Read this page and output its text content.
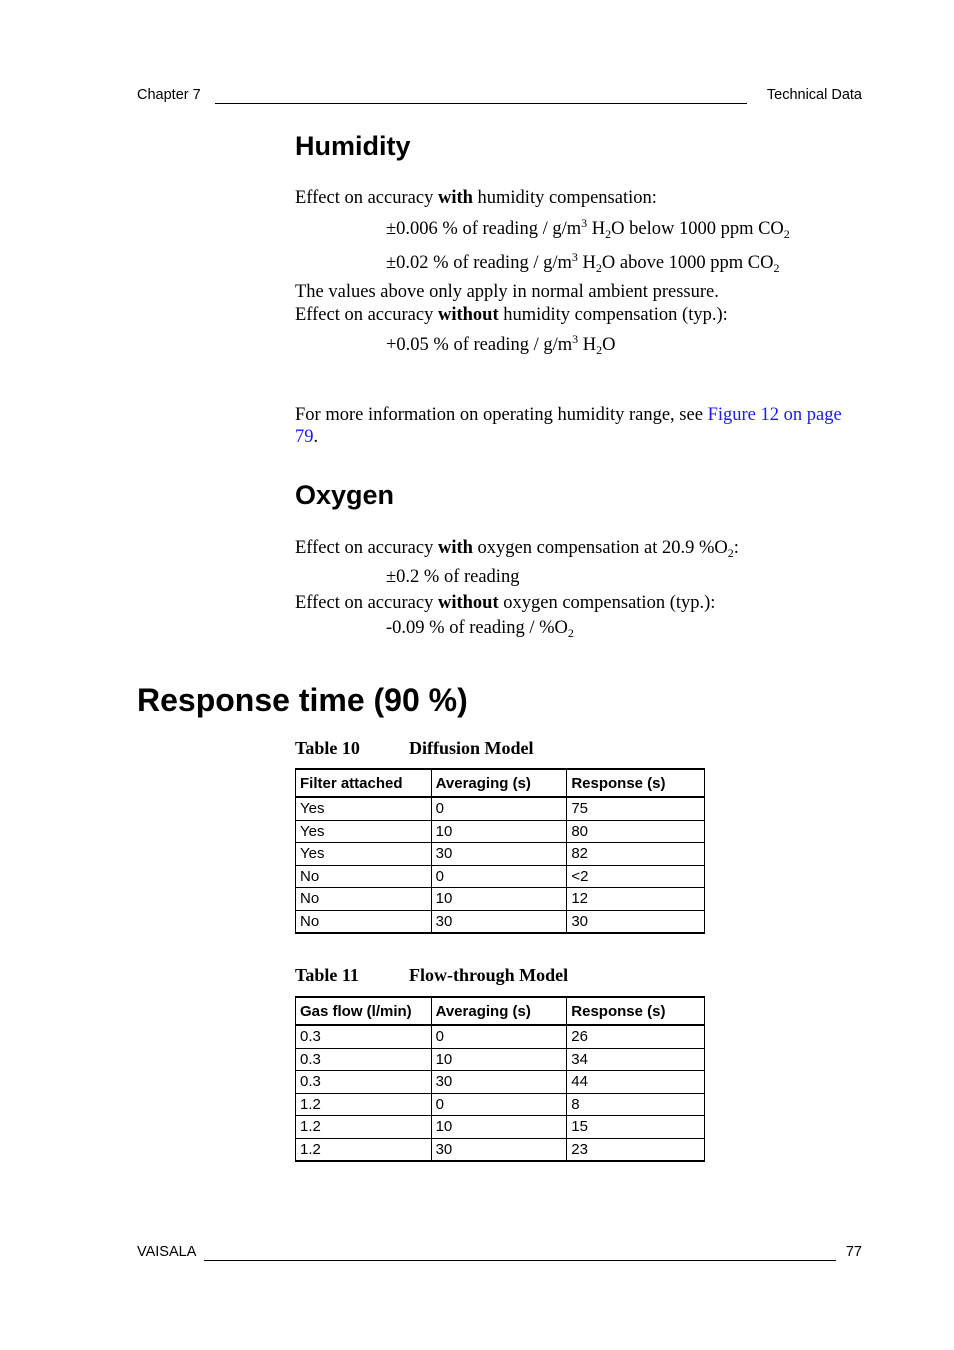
Chapter 7	Technical Data
Humidity
Effect on accuracy with humidity compensation:
±0.006 % of reading / $g/m^3$ $H_2O$ below 1000 ppm $CO_2$
±0.02 % of reading / $g/m^3$ $H_2O$ above 1000 ppm $CO_2$
The values above only apply in normal ambient pressure.
Effect on accuracy without humidity compensation (typ.):
+0.05 % of reading / $g/m^3$ $H_2O$
For more information on operating humidity range, see Figure 12 on page
79.
Oxygen
Effect on accuracy with oxygen compensation at 20.9 $\%O_2$:
±0.2 % of reading
Effect on accuracy without oxygen compensation (typ.):
-0.09 % of reading / $\%O_2$
Response time (90 %)
Table 10	Diffusion Model
Filter attached	Averaging (s)	Response (s)
Yes	0	75
Yes	10	80
Yes	30	82
No	0	<2
No	10	12
No	30	30
Table 11	Flow-through Model
Gas flow (l/min)	Averaging (s)	Response (s)
0.3	0	26
0.3	10	34
0.3	30	44
1.2	0	8
1.2	10	15
1.2	30	23
VAISALA	77
